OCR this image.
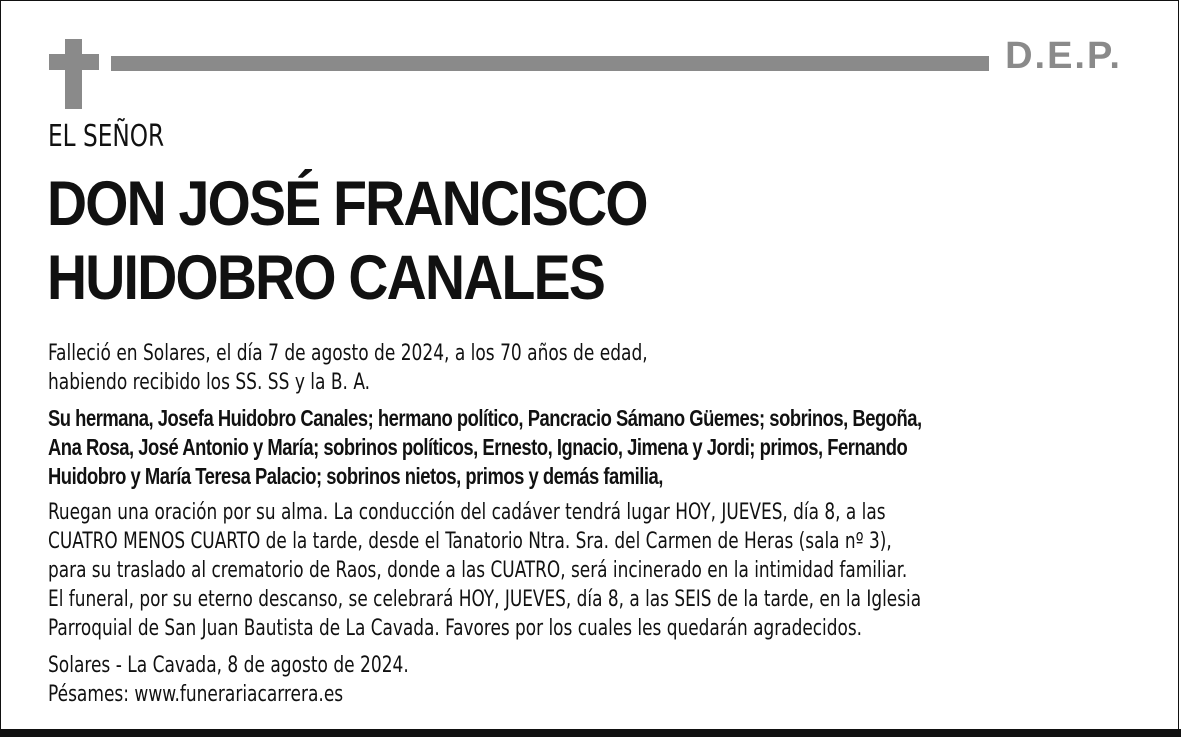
D.E.P.
EL SEÑOR
DON JOSÉ FRANCISCO
HUIDOBRO CANALES
Falleció en Solares, el día 7 de agosto de 2024, a los 70 años de edad,
habiendo recibido los SS. SS y la B. A.
Su hermana, Josefa Huidobro Canales; hermano político, Pancracio Sámano Güemes; sobrinos, Begoña,
Ana Rosa, José Antonio y María; sobrinos políticos, Ernesto, Ignacio, Jimena y Jordi; primos, Fernando
Huidobro y María Teresa Palacio; sobrinos nietos, primos y demás familia,
Ruegan una oración por su alma. La conducción del cadáver tendrá lugar HOY, JUEVES, día 8, a las
CUATRO MENOS CUARTO de la tarde, desde el Tanatorio Ntra. Sra. del Carmen de Heras (sala nº 3),
para su traslado al crematorio de Raos, donde a las CUATRO, será incinerado en la intimidad familiar.
El funeral, por su eterno descanso, se celebrará HOY, JUEVES, día 8, a las SEIS de la tarde, en la Iglesia
Parroquial de San Juan Bautista de La Cavada. Favores por los cuales les quedarán agradecidos.
Solares - La Cavada, 8 de agosto de 2024.
Pésames: www.funerariacarrera.es
